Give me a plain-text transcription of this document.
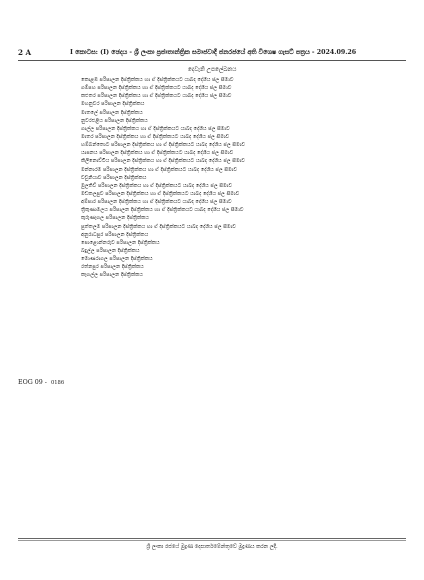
2 A	I කොටස: (I) ඡෙදය - ශ්‍රී ලංකා ප්‍රජාතාන්ත්‍රික සමාජවාදී ජනරජයේ අති විශෙෂ ගැසට් පත්‍රය - 2024.09.26
දෙවැනි උපලේඛනය
කොළඹ පරිපාලන දිස්ත්‍රික්කය හා ඒ දිස්ත්‍රික්කයට යාබද දේශීය ජල සීමාව
ගම්පහ පරිපාලන දිස්ත්‍රික්කය හා ඒ දිස්ත්‍රික්කයට යාබද දේශීය ජල සීමාව
කළුතර පරිපාලන දිස්ත්‍රික්කය හා ඒ දිස්ත්‍රික්කයට යාබද දේශීය ජල සීමාව
මහනුවර පරිපාලන දිස්ත්‍රික්කය
මාතලේ පරිපාලන දිස්ත්‍රික්කය
නුවරඑළිය පරිපාලන දිස්ත්‍රික්කය
ගාල්ල පරිපාලන දිස්ත්‍රික්කය හා ඒ දිස්ත්‍රික්කයට යාබද දේශීය ජල සීමාව
මාතර පරිපාලන දිස්ත්‍රික්කය හා ඒ දිස්ත්‍රික්කයට යාබද දේශීය ජල සීමාව
හම්බන්තොට පරිපාලන දිස්ත්‍රික්කය හා ඒ දිස්ත්‍රික්කයට යාබද දේශීය ජල සීමාව
යාපනය පරිපාලන දිස්ත්‍රික්කය හා ඒ දිස්ත්‍රික්කයට යාබද දේශීය ජල සීමාව
කිලිනොච්චිය පරිපාලන දිස්ත්‍රික්කය හා ඒ දිස්ත්‍රික්කයට යාබද දේශීය ජල සීමාව
මන්නාරම පරිපාලන දිස්ත්‍රික්කය හා ඒ දිස්ත්‍රික්කයට යාබද දේශීය ජල සීමාව
වවුනියාව පරිපාලන දිස්ත්‍රික්කය
මුලතිව් පරිපාලන දිස්ත්‍රික්කය හා ඒ දිස්ත්‍රික්කයට යාබද දේශීය ජල සීමාව
මඩකලපුව පරිපාලන දිස්ත්‍රික්කය හා ඒ දිස්ත්‍රික්කයට යාබද දේශීය ජල සීමාව
අම්පාර පරිපාලන දිස්ත්‍රික්කය හා ඒ දිස්ත්‍රික්කයට යාබද දේශීය ජල සීමාව
ත්‍රිකුණාමලය පරිපාලන දිස්ත්‍රික්කය හා ඒ දිස්ත්‍රික්කයට යාබද දේශීය ජල සීමාව
කුරුණෑගල පරිපාලන දිස්ත්‍රික්කය
පුත්තලම පරිපාලන දිස්ත්‍රික්කය හා ඒ දිස්ත්‍රික්කයට යාබද දේශීය ජල සීමාව
අනුරාධපුර පරිපාලන දිස්ත්‍රික්කය
පොළොන්නරුව පරිපාලන දිස්ත්‍රික්කය
බදුල්ල පරිපාලන දිස්ත්‍රික්කය
මොණරාගල පරිපාලන දිස්ත්‍රික්කය
රත්නපුර පරිපාලන දිස්ත්‍රික්කය
කෑගල්ල පරිපාලන දිස්ත්‍රික්කය
EOG 09 - 0186
ශ්‍රී ලංකා රජයේ මුද්‍රණ දෙපාර්තමේන්තුවේ මුද්‍රණය කරන ලදී.
